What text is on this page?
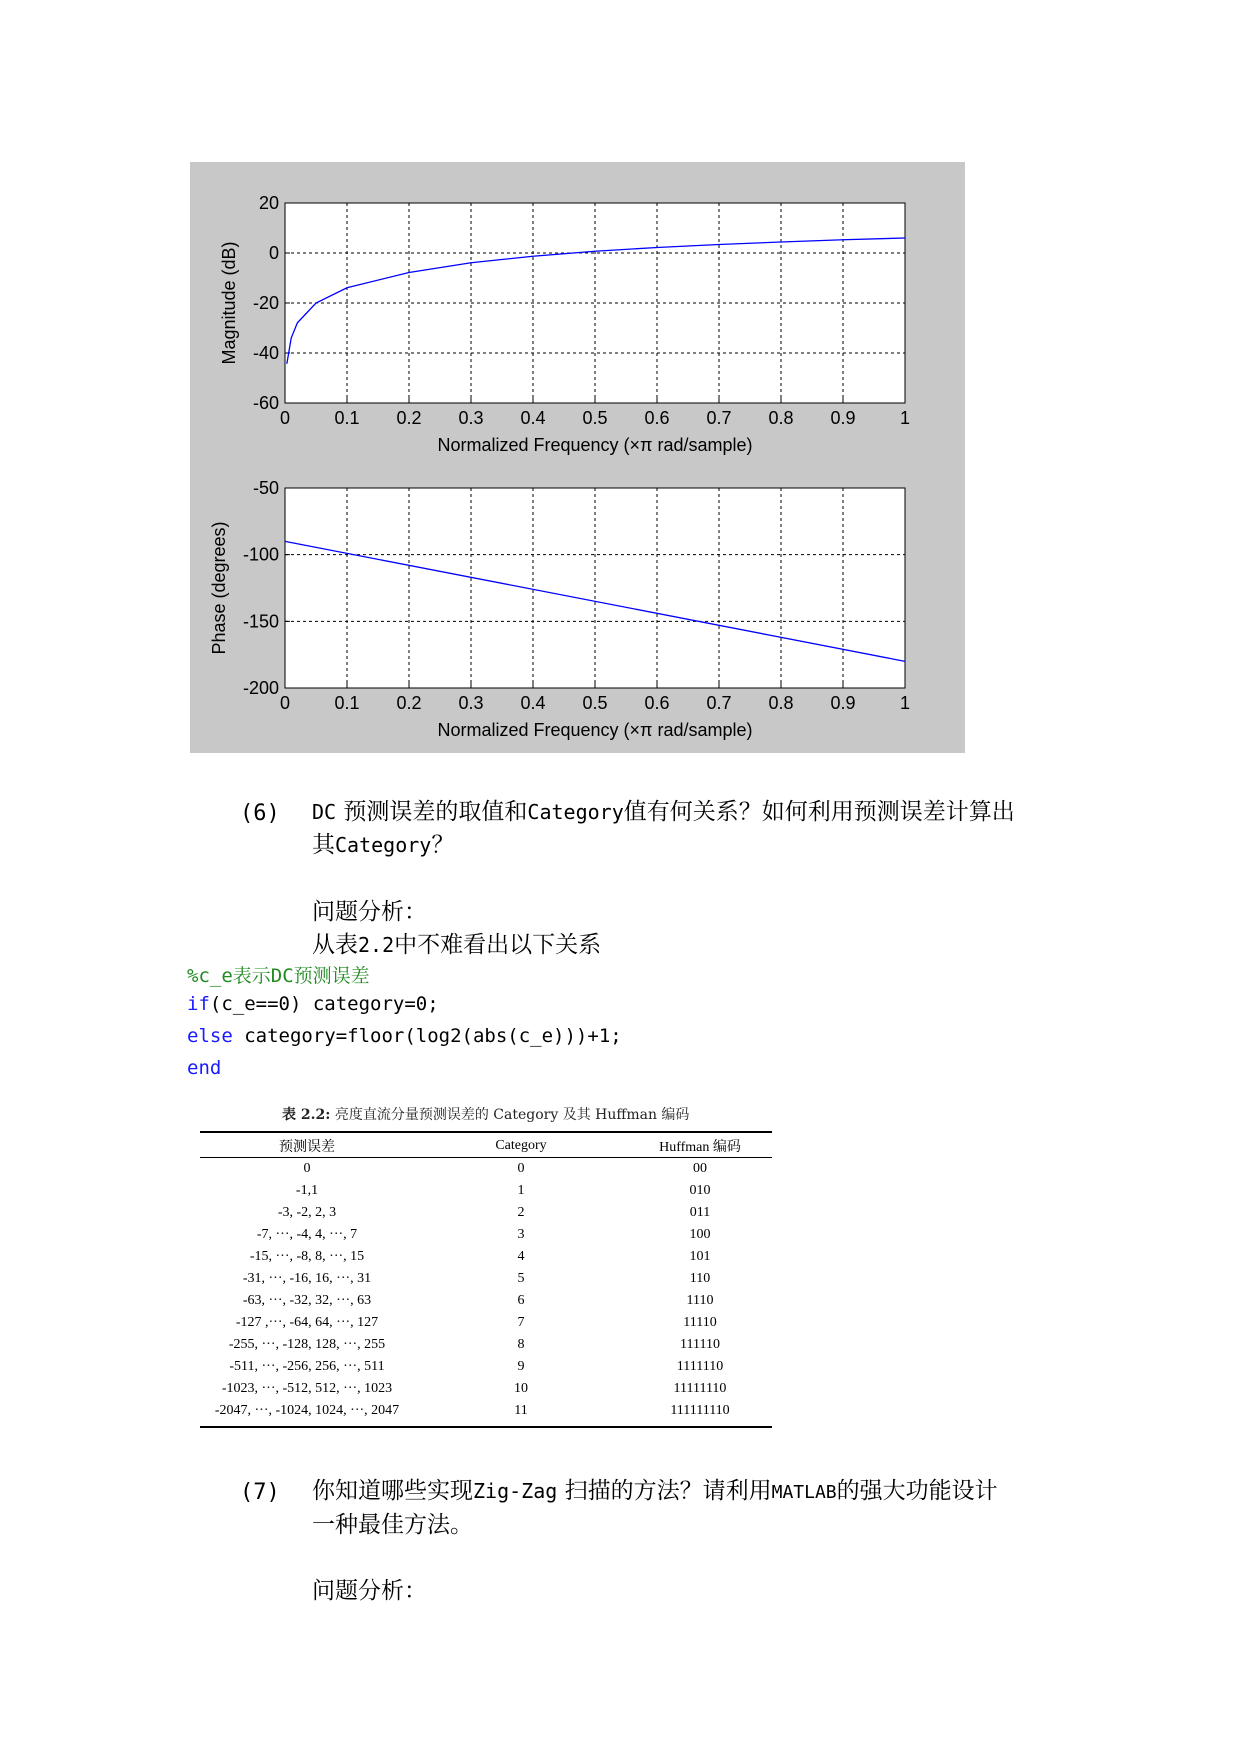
0 0.1 0.2 0.3 0.4 0.5 0.6 0.7 0.8 0.9 1
20
0
-20
-40
-60
Normalized Frequency (×π rad/sample)
Magnitude (dB)
0 0.1 0.2 0.3 0.4 0.5 0.6 0.7 0.8 0.9 1
-50
-100
-150
-200
Normalized Frequency (×π rad/sample)
Phase (degrees)
(6) DC 预测误差的取值和Category值有何关系？如何利用预测误差计算出
其Category？
问题分析：
从表2.2中不难看出以下关系
%c_e表示DC预测误差
if(c_e==0) category=0;
else category=floor(log2(abs(c_e)))+1;
end
表 2.2: 亮度直流分量预测误差的 Category 及其 Huffman 编码
预测误差	Category	Huffman 编码
0	0	00
-1,1	1	010
-3, -2, 2, 3	2	011
-7, ···, -4, 4, ···, 7	3	100
-15, ···, -8, 8, ···, 15	4	101
-31, ···, -16, 16, ···, 31	5	110
-63, ···, -32, 32, ···, 63	6	1110
-127 ,···, -64, 64, ···, 127	7	11110
-255, ···, -128, 128, ···, 255	8	111110
-511, ···, -256, 256, ···, 511	9	1111110
-1023, ···, -512, 512, ···, 1023	10	11111110
-2047, ···, -1024, 1024, ···, 2047	11	111111110
(7) 你知道哪些实现Zig-Zag 扫描的方法？请利用MATLAB的强大功能设计
一种最佳方法。
问题分析：
